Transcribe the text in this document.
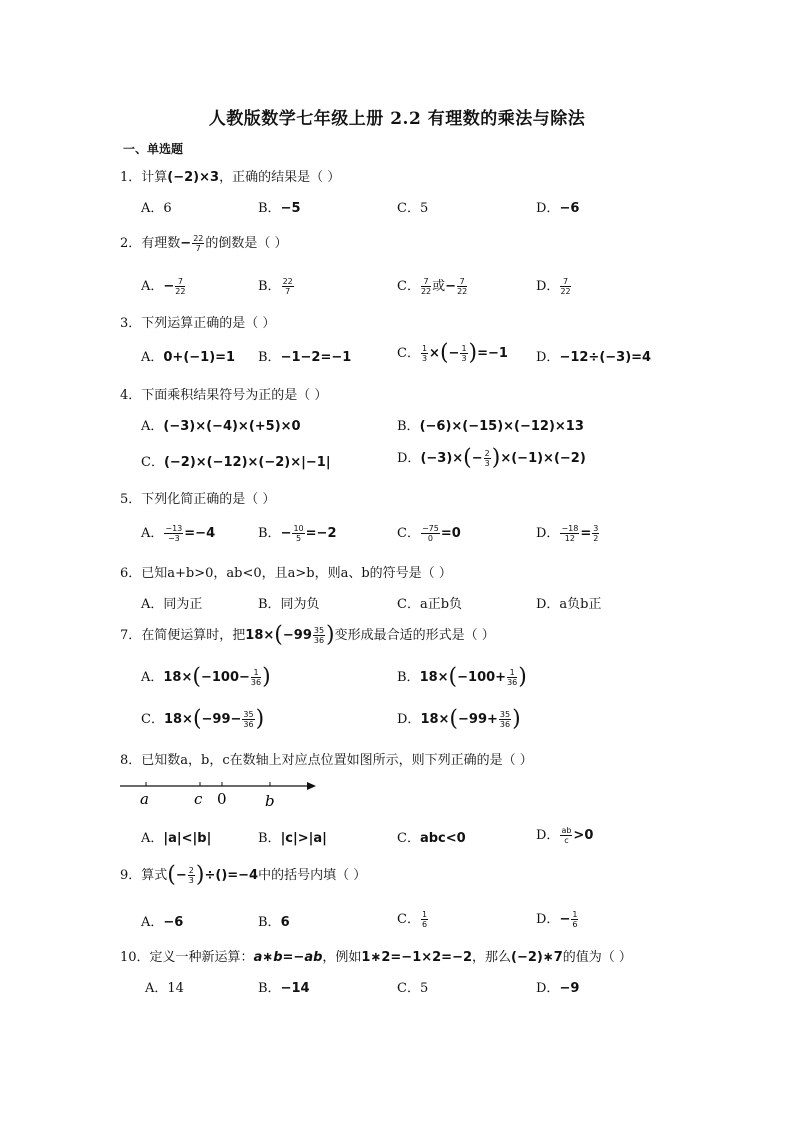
人教版数学七年级上册 2.2 有理数的乘法与除法
一、单选题
1．计算(−2)×3，正确的结果是（ ）
A．6	B．−5	C．5	D．−6
2．有理数− $\frac{22}{7}$ 的倒数是（ ）
A．− $\frac{7}{22}$	B． $\frac{22}{7}$	C． $\frac{7}{22}$ 或− $\frac{7}{22}$	D． $\frac{7}{22}$
3．下列运算正确的是（ ）
A．0+(−1)=1 B．−1−2=−1	C． $\frac{1}{3}$ ×(− $\frac{1}{3} )=-1$ D．−12÷(−3)=4
4．下面乘积结果符号为正的是（ ）
A．(−3)×(−4)×(+5)×0	B．(−6)×(−15)×(−12)×13
C．(−2)×(−12)×(−2)×|−1|	D．$(-3)\times(- \frac{2}{3} )\times(-1)\times(-2)$
5．下列化简正确的是（ ）
A． $\frac{-13}{-3} =-4$	B．− $\frac{10}{5} =-2$	C． $\frac{-75}{0} =0$	D． $\frac{-18}{12} = \frac{3}{2}$
6．已知a+b>0，ab<0，且a>b，则a、b的符号是（ ）
A．同为正	B．同为负	C．a正b负	D．a负b正
7．在简便运算时，把$18\times(-99 \frac{35}{36}$ )变形成最合适的形式是（ ）
A．$18\times(-100- \frac{1}{36}$ )	B．$18\times(-100+ \frac{1}{36}$ )
C．$18\times(-99- \frac{35}{36}$ )	D．$18\times(-99+ \frac{35}{36}$ )
8．已知数a，b，c在数轴上对应点位置如图所示，则下列正确的是（ ）
a	c 0	b
A．|a|<|b|	B．|c|>|a|	C．abc<0	D． $\frac{ab}{c} >0$
9．算式(− $\frac{2}{3} )\div()=-4$中的括号内填（ ）
A．−6	B．6	C． $\frac{1}{6}$	D．− $\frac{1}{6}$
10．定义一种新运算：a∗b=−ab，例如1∗2=−1×2=−2，那么(−2)∗7的值为（ ）
A．14	B．−14	C．5	D．−9
